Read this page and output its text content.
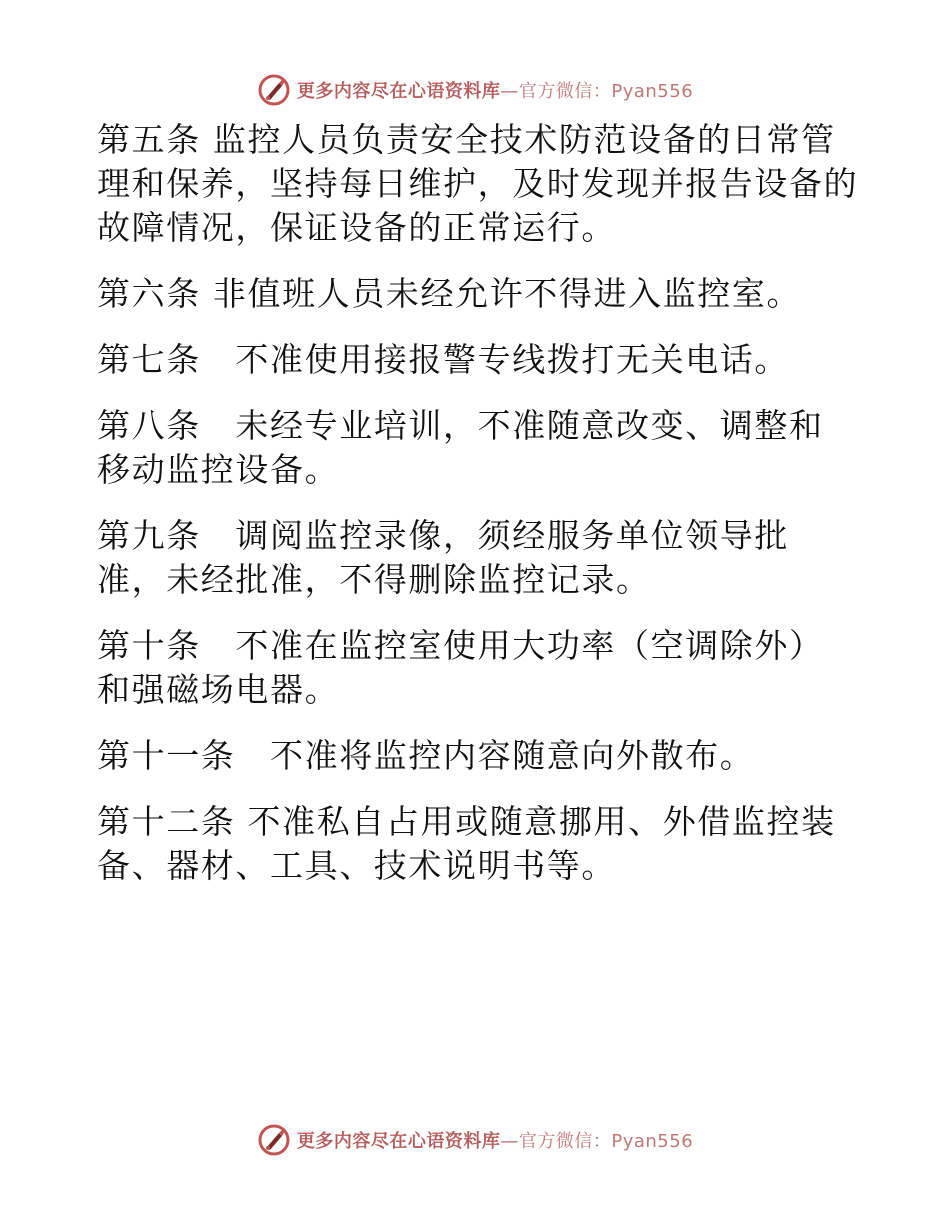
更多内容尽在心语资料库—官方微信：Pyan556
第五条 监控人员负责安全技术防范设备的日常管
理和保养，坚持每日维护，及时发现并报告设备的
故障情况，保证设备的正常运行。
第六条 非值班人员未经允许不得进入监控室。
第七条　不准使用接报警专线拨打无关电话。
第八条　未经专业培训，不准随意改变、调整和
移动监控设备。
第九条　调阅监控录像，须经服务单位领导批
准，未经批准，不得删除监控记录。
第十条　不准在监控室使用大功率（空调除外）
和强磁场电器。
第十一条　不准将监控内容随意向外散布。
第十二条 不准私自占用或随意挪用、外借监控装
备、器材、工具、技术说明书等。
更多内容尽在心语资料库—官方微信：Pyan556
